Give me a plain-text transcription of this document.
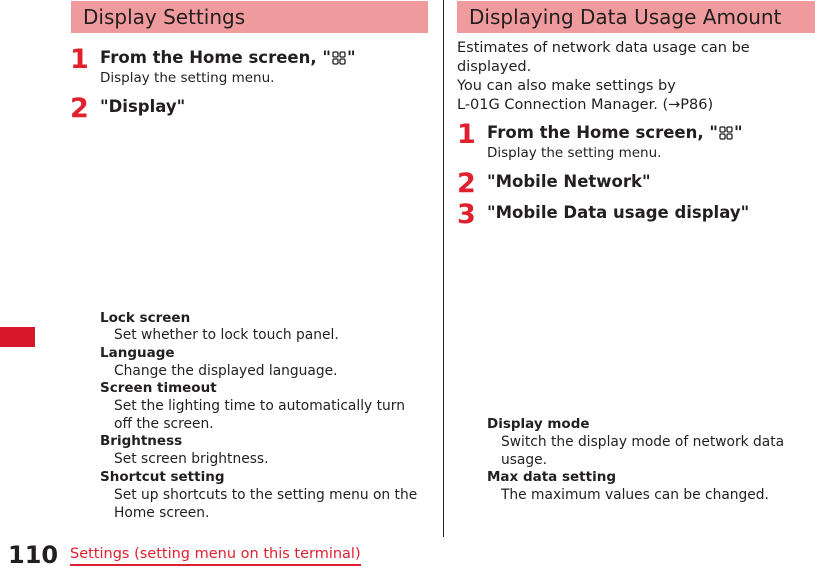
Display Settings
1 From the Home screen, " "
Display the setting menu.
2 "Display"
Lock screen
Set whether to lock touch panel.
Language
Change the displayed language.
Screen timeout
Set the lighting time to automatically turn off the screen.
Brightness
Set screen brightness.
Shortcut setting
Set up shortcuts to the setting menu on the Home screen.
Displaying Data Usage Amount
Estimates of network data usage can be
displayed.
You can also make settings by
L-01G Connection Manager. (→P86)
1 From the Home screen, " "
Display the setting menu.
2 "Mobile Network"
3 "Mobile Data usage display"
Display mode
Switch the display mode of network data usage.
Max data setting
The maximum values can be changed.
110 Settings (setting menu on this terminal)
